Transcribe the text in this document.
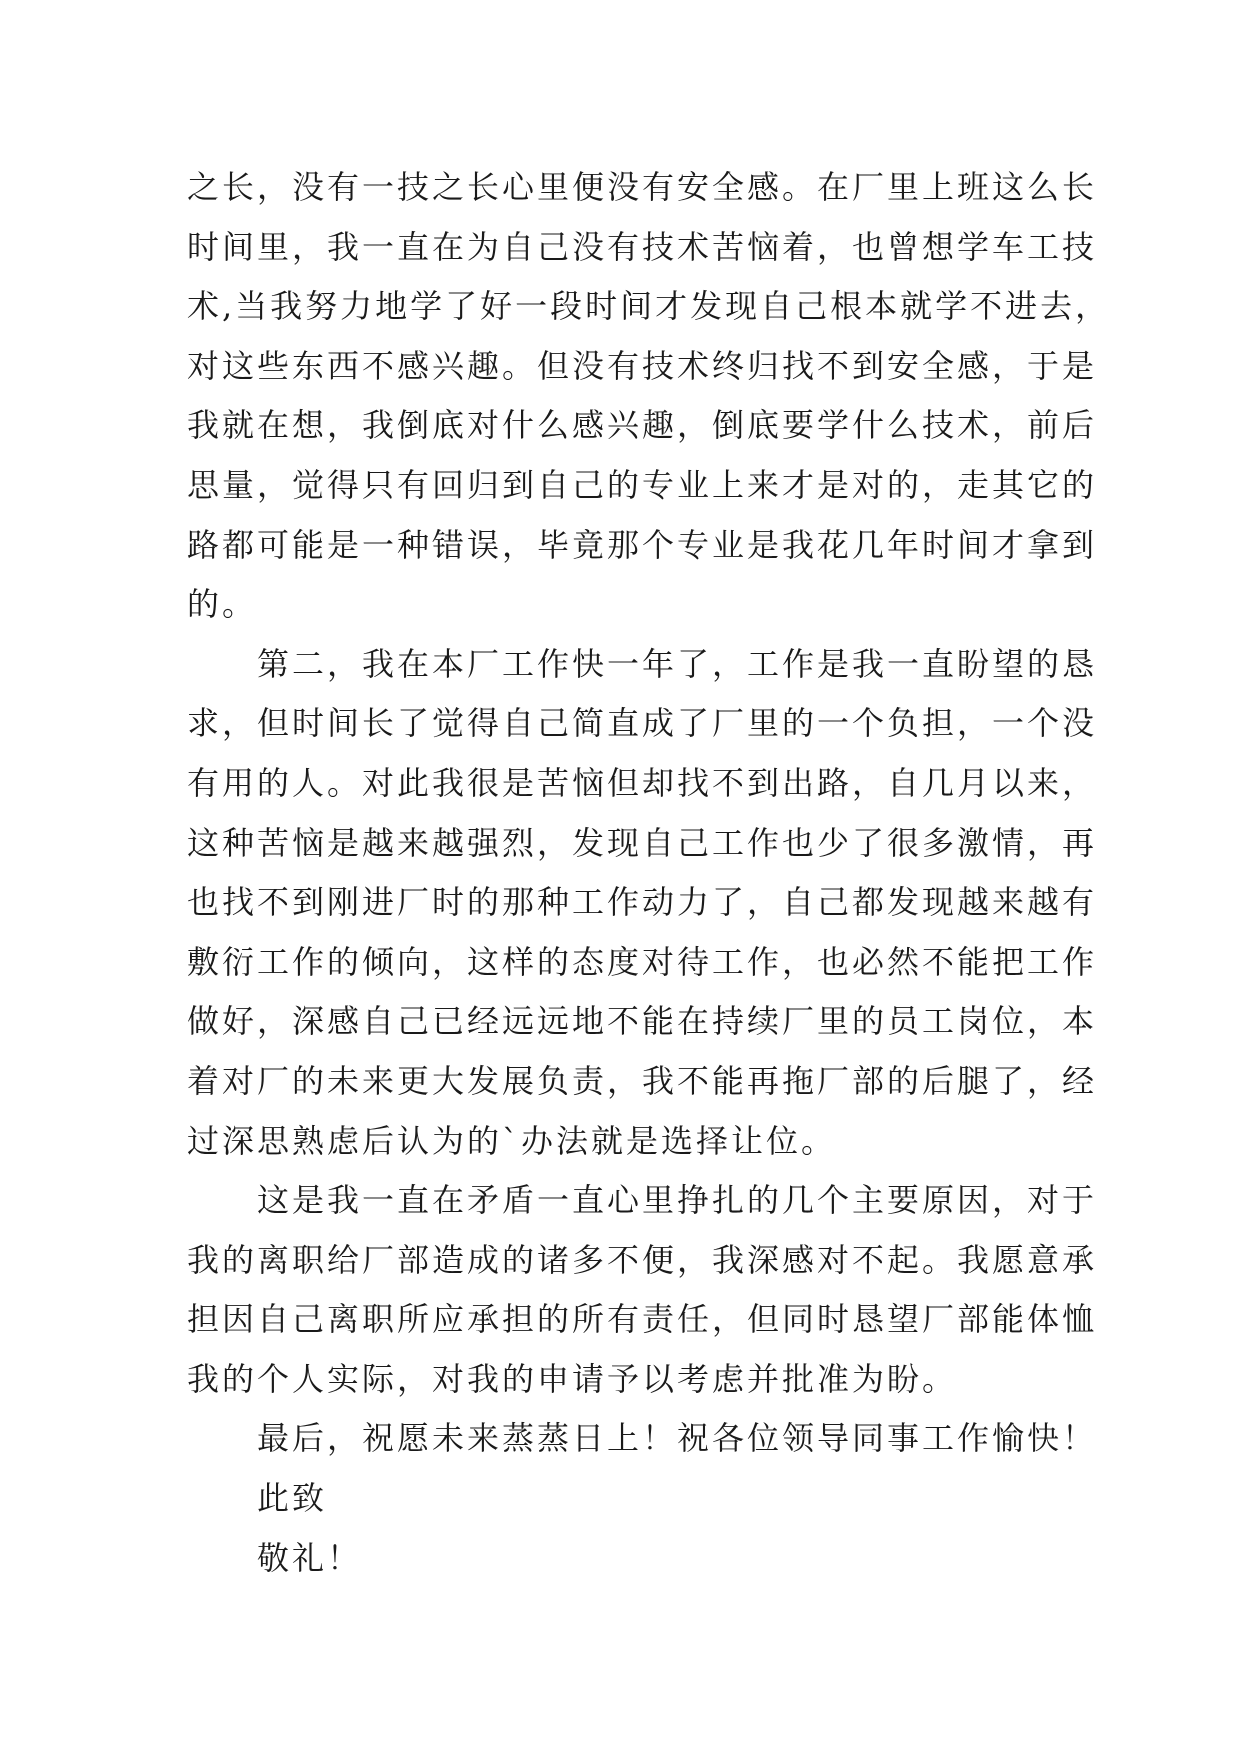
之长，没有一技之长心里便没有安全感。在厂里上班这么长
时间里，我一直在为自己没有技术苦恼着，也曾想学车工技
术,当我努力地学了好一段时间才发现自己根本就学不进去，
对这些东西不感兴趣。但没有技术终归找不到安全感，于是
我就在想，我倒底对什么感兴趣，倒底要学什么技术，前后
思量，觉得只有回归到自己的专业上来才是对的，走其它的
路都可能是一种错误，毕竟那个专业是我花几年时间才拿到
的。
第二，我在本厂工作快一年了，工作是我一直盼望的恳
求，但时间长了觉得自己简直成了厂里的一个负担，一个没
有用的人。对此我很是苦恼但却找不到出路，自几月以来，
这种苦恼是越来越强烈，发现自己工作也少了很多激情，再
也找不到刚进厂时的那种工作动力了，自己都发现越来越有
敷衍工作的倾向，这样的态度对待工作，也必然不能把工作
做好，深感自己已经远远地不能在持续厂里的员工岗位，本
着对厂的未来更大发展负责，我不能再拖厂部的后腿了，经
过深思熟虑后认为的`办法就是选择让位。
这是我一直在矛盾一直心里挣扎的几个主要原因，对于
我的离职给厂部造成的诸多不便，我深感对不起。我愿意承
担因自己离职所应承担的所有责任，但同时恳望厂部能体恤
我的个人实际，对我的申请予以考虑并批准为盼。
最后，祝愿未来蒸蒸日上！祝各位领导同事工作愉快！
此致
敬礼！
